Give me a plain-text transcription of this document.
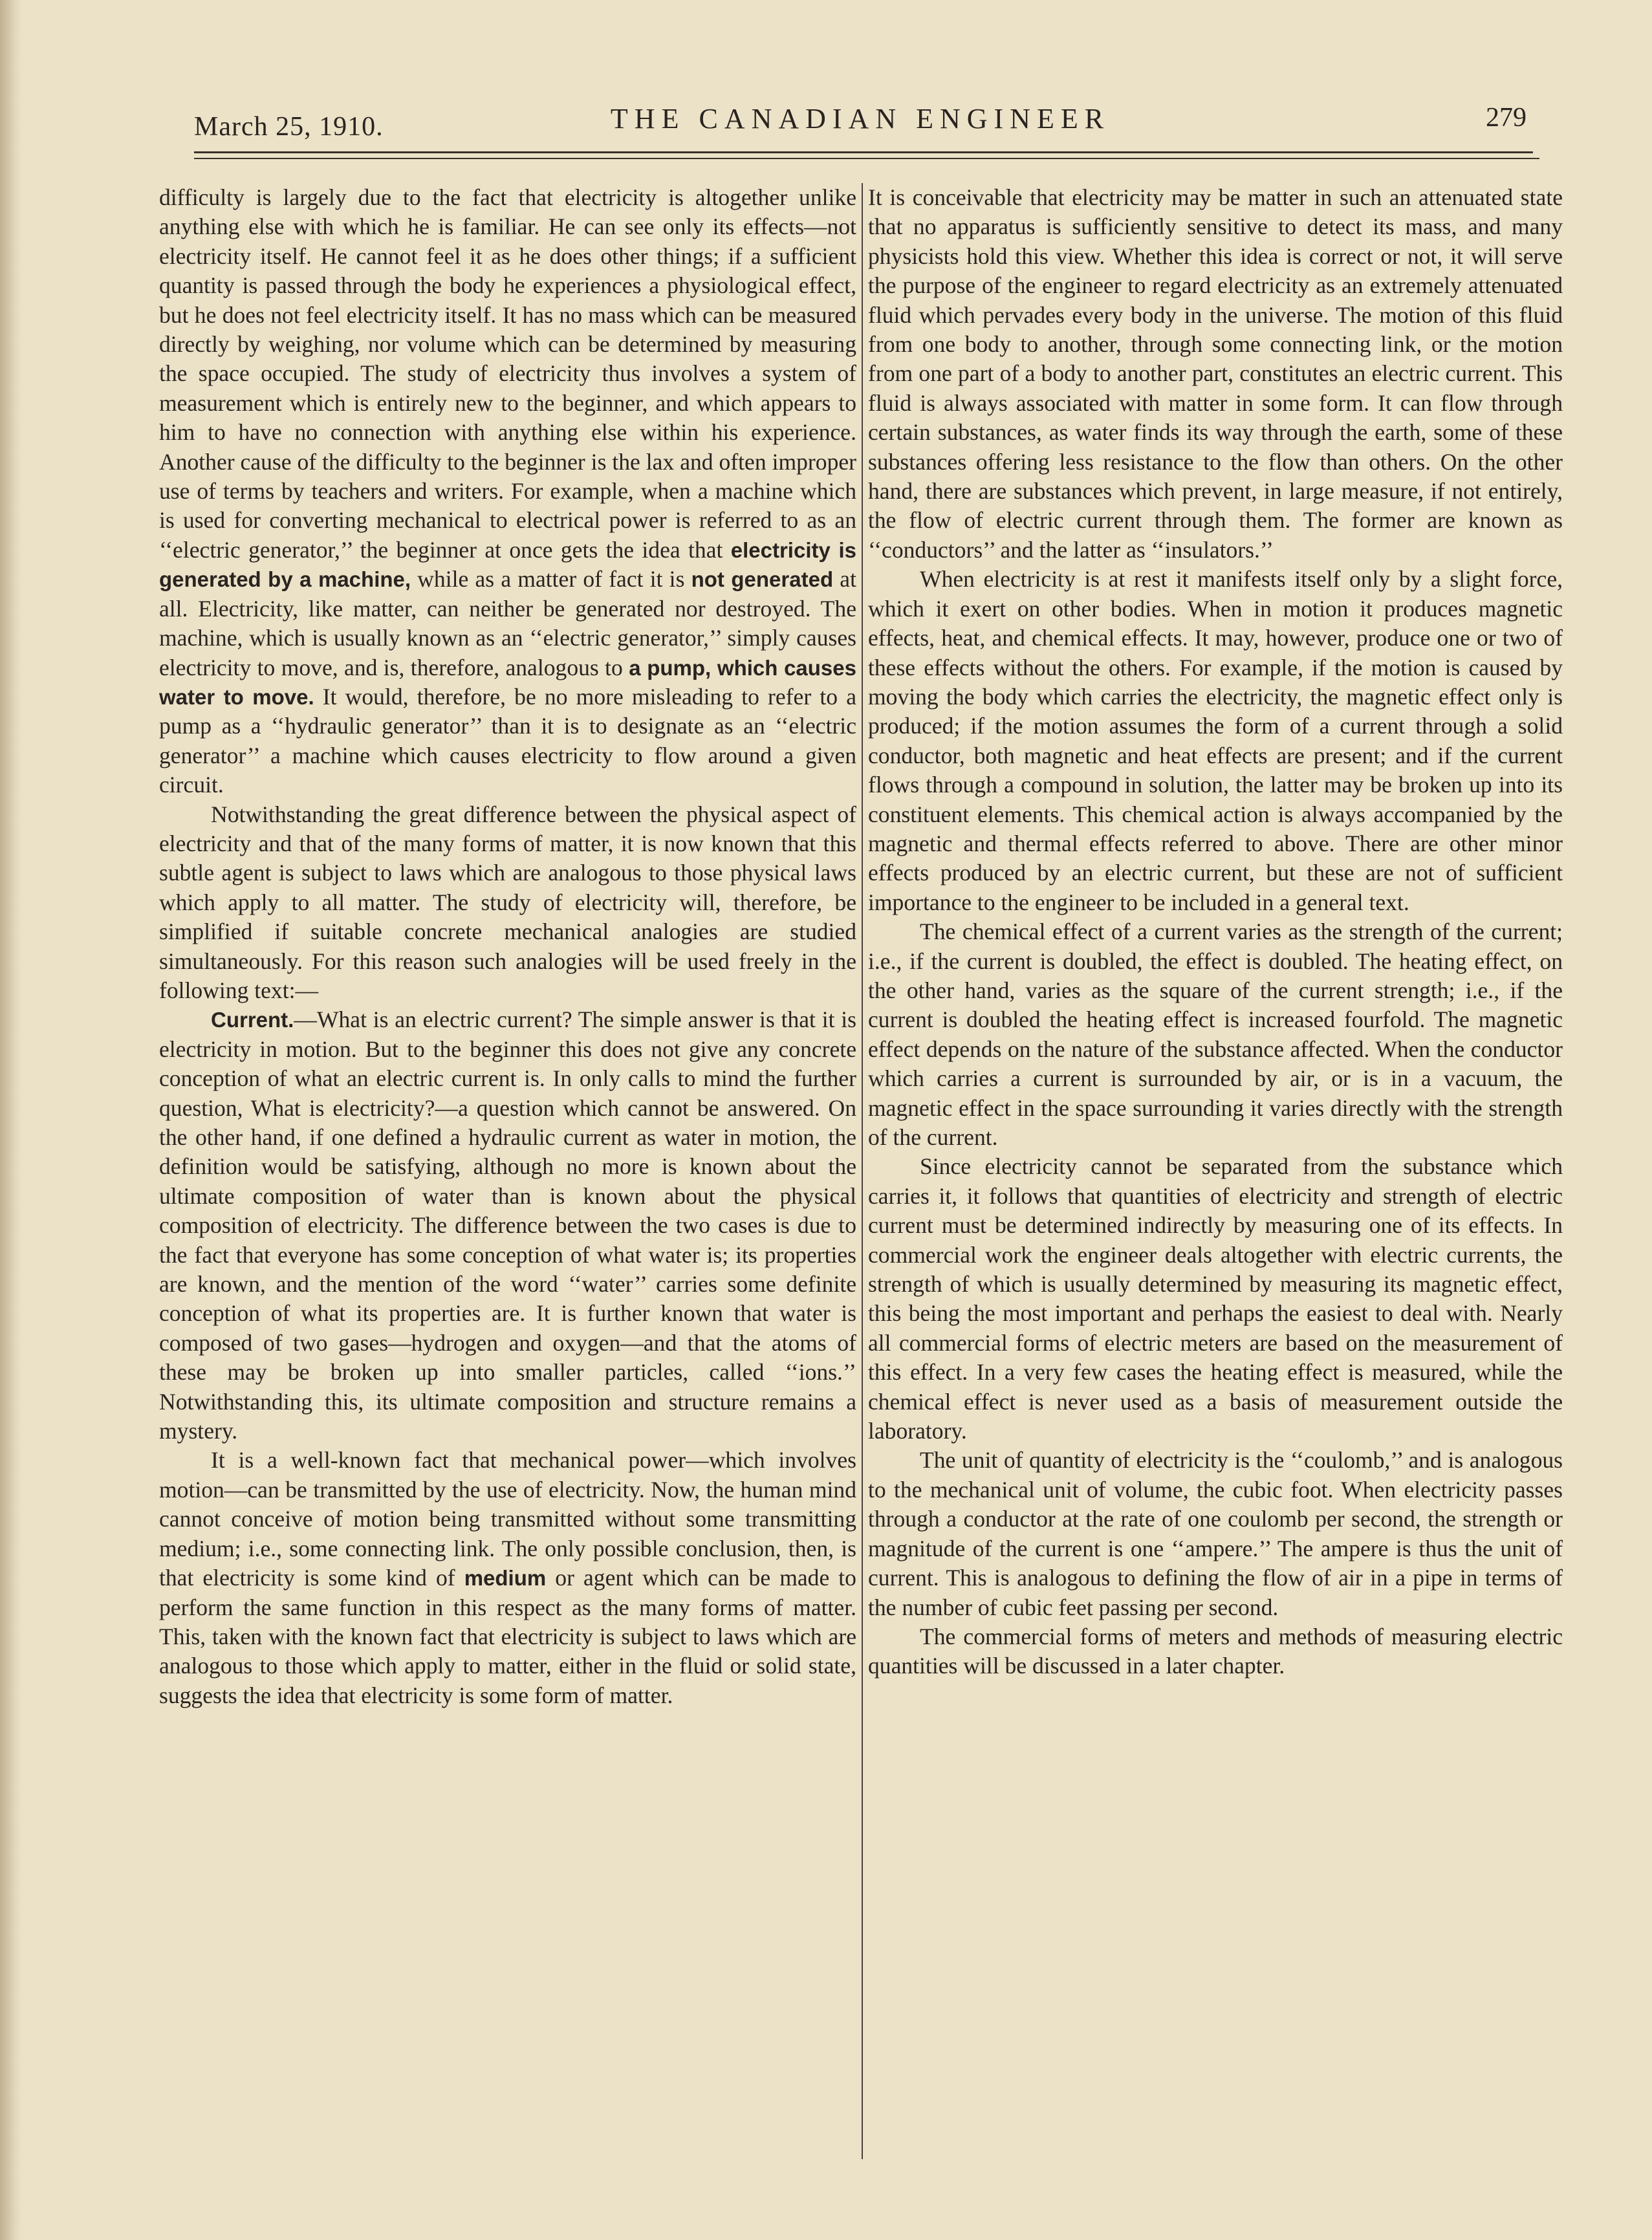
March 25, 1910.	THE CANADIAN ENGINEER	279

difficulty is largely due to the fact that electricity is altogether unlike anything else with which he is familiar. He can see only its effects—not electricity itself. He cannot feel it as he does other things; if a sufficient quantity is passed through the body he experiences a physiological effect, but he does not feel electricity itself. It has no mass which can be measured directly by weighing, nor volume which can be determined by measuring the space occupied. The study of electricity thus involves a system of measurement which is entirely new to the beginner, and which appears to him to have no connection with anything else within his experience. Another cause of the difficulty to the beginner is the lax and often improper use of terms by teachers and writers. For example, when a machine which is used for converting mechanical to electrical power is referred to as an ‘‘electric generator,’’ the beginner at once gets the idea that electricity is generated by a machine, while as a matter of fact it is not generated at all. Electricity, like matter, can neither be generated nor destroyed. The machine, which is usually known as an ‘‘electric generator,’’ simply causes electricity to move, and is, therefore, analogous to a pump, which causes water to move. It would, therefore, be no more misleading to refer to a pump as a ‘‘hydraulic generator’’ than it is to designate as an ‘‘electric generator’’ a machine which causes electricity to flow around a given circuit.

Notwithstanding the great difference between the physical aspect of electricity and that of the many forms of matter, it is now known that this subtle agent is subject to laws which are analogous to those physical laws which apply to all matter. The study of electricity will, therefore, be simplified if suitable concrete mechanical analogies are studied simultaneously. For this reason such analogies will be used freely in the following text:—

Current.—What is an electric current? The simple answer is that it is electricity in motion. But to the beginner this does not give any concrete conception of what an electric current is. In only calls to mind the further question, What is electricity?—a question which cannot be answered. On the other hand, if one defined a hydraulic current as water in motion, the definition would be satisfying, although no more is known about the ultimate composition of water than is known about the physical composition of electricity. The difference between the two cases is due to the fact that everyone has some conception of what water is; its properties are known, and the mention of the word ‘‘water’’ carries some definite conception of what its properties are. It is further known that water is composed of two gases—hydrogen and oxygen—and that the atoms of these may be broken up into smaller particles, called ‘‘ions.’’ Notwithstanding this, its ultimate composition and structure remains a mystery.

It is a well-known fact that mechanical power—which involves motion—can be transmitted by the use of electricity. Now, the human mind cannot conceive of motion being transmitted without some transmitting medium; i.e., some connecting link. The only possible conclusion, then, is that electricity is some kind of medium or agent which can be made to perform the same function in this respect as the many forms of matter. This, taken with the known fact that electricity is subject to laws which are analogous to those which apply to matter, either in the fluid or solid state, suggests the idea that electricity is some form of matter.

It is conceivable that electricity may be matter in such an attenuated state that no apparatus is sufficiently sensitive to detect its mass, and many physicists hold this view. Whether this idea is correct or not, it will serve the purpose of the engineer to regard electricity as an extremely attenuated fluid which pervades every body in the universe. The motion of this fluid from one body to another, through some connecting link, or the motion from one part of a body to another part, constitutes an electric current. This fluid is always associated with matter in some form. It can flow through certain substances, as water finds its way through the earth, some of these substances offering less resistance to the flow than others. On the other hand, there are substances which prevent, in large measure, if not entirely, the flow of electric current through them. The former are known as ‘‘conductors’’ and the latter as ‘‘insulators.’’

When electricity is at rest it manifests itself only by a slight force, which it exert on other bodies. When in motion it produces magnetic effects, heat, and chemical effects. It may, however, produce one or two of these effects without the others. For example, if the motion is caused by moving the body which carries the electricity, the magnetic effect only is produced; if the motion assumes the form of a current through a solid conductor, both magnetic and heat effects are present; and if the current flows through a compound in solution, the latter may be broken up into its constituent elements. This chemical action is always accompanied by the magnetic and thermal effects referred to above. There are other minor effects produced by an electric current, but these are not of sufficient importance to the engineer to be included in a general text.

The chemical effect of a current varies as the strength of the current; i.e., if the current is doubled, the effect is doubled. The heating effect, on the other hand, varies as the square of the current strength; i.e., if the current is doubled the heating effect is increased fourfold. The magnetic effect depends on the nature of the substance affected. When the conductor which carries a current is surrounded by air, or is in a vacuum, the magnetic effect in the space surrounding it varies directly with the strength of the current.

Since electricity cannot be separated from the substance which carries it, it follows that quantities of electricity and strength of electric current must be determined indirectly by measuring one of its effects. In commercial work the engineer deals altogether with electric currents, the strength of which is usually determined by measuring its magnetic effect, this being the most important and perhaps the easiest to deal with. Nearly all commercial forms of electric meters are based on the measurement of this effect. In a very few cases the heating effect is measured, while the chemical effect is never used as a basis of measurement outside the laboratory.

The unit of quantity of electricity is the ‘‘coulomb,’’ and is analogous to the mechanical unit of volume, the cubic foot. When electricity passes through a conductor at the rate of one coulomb per second, the strength or magnitude of the current is one ‘‘ampere.’’ The ampere is thus the unit of current. This is analogous to defining the flow of air in a pipe in terms of the number of cubic feet passing per second.

The commercial forms of meters and methods of measuring electric quantities will be discussed in a later chapter.
